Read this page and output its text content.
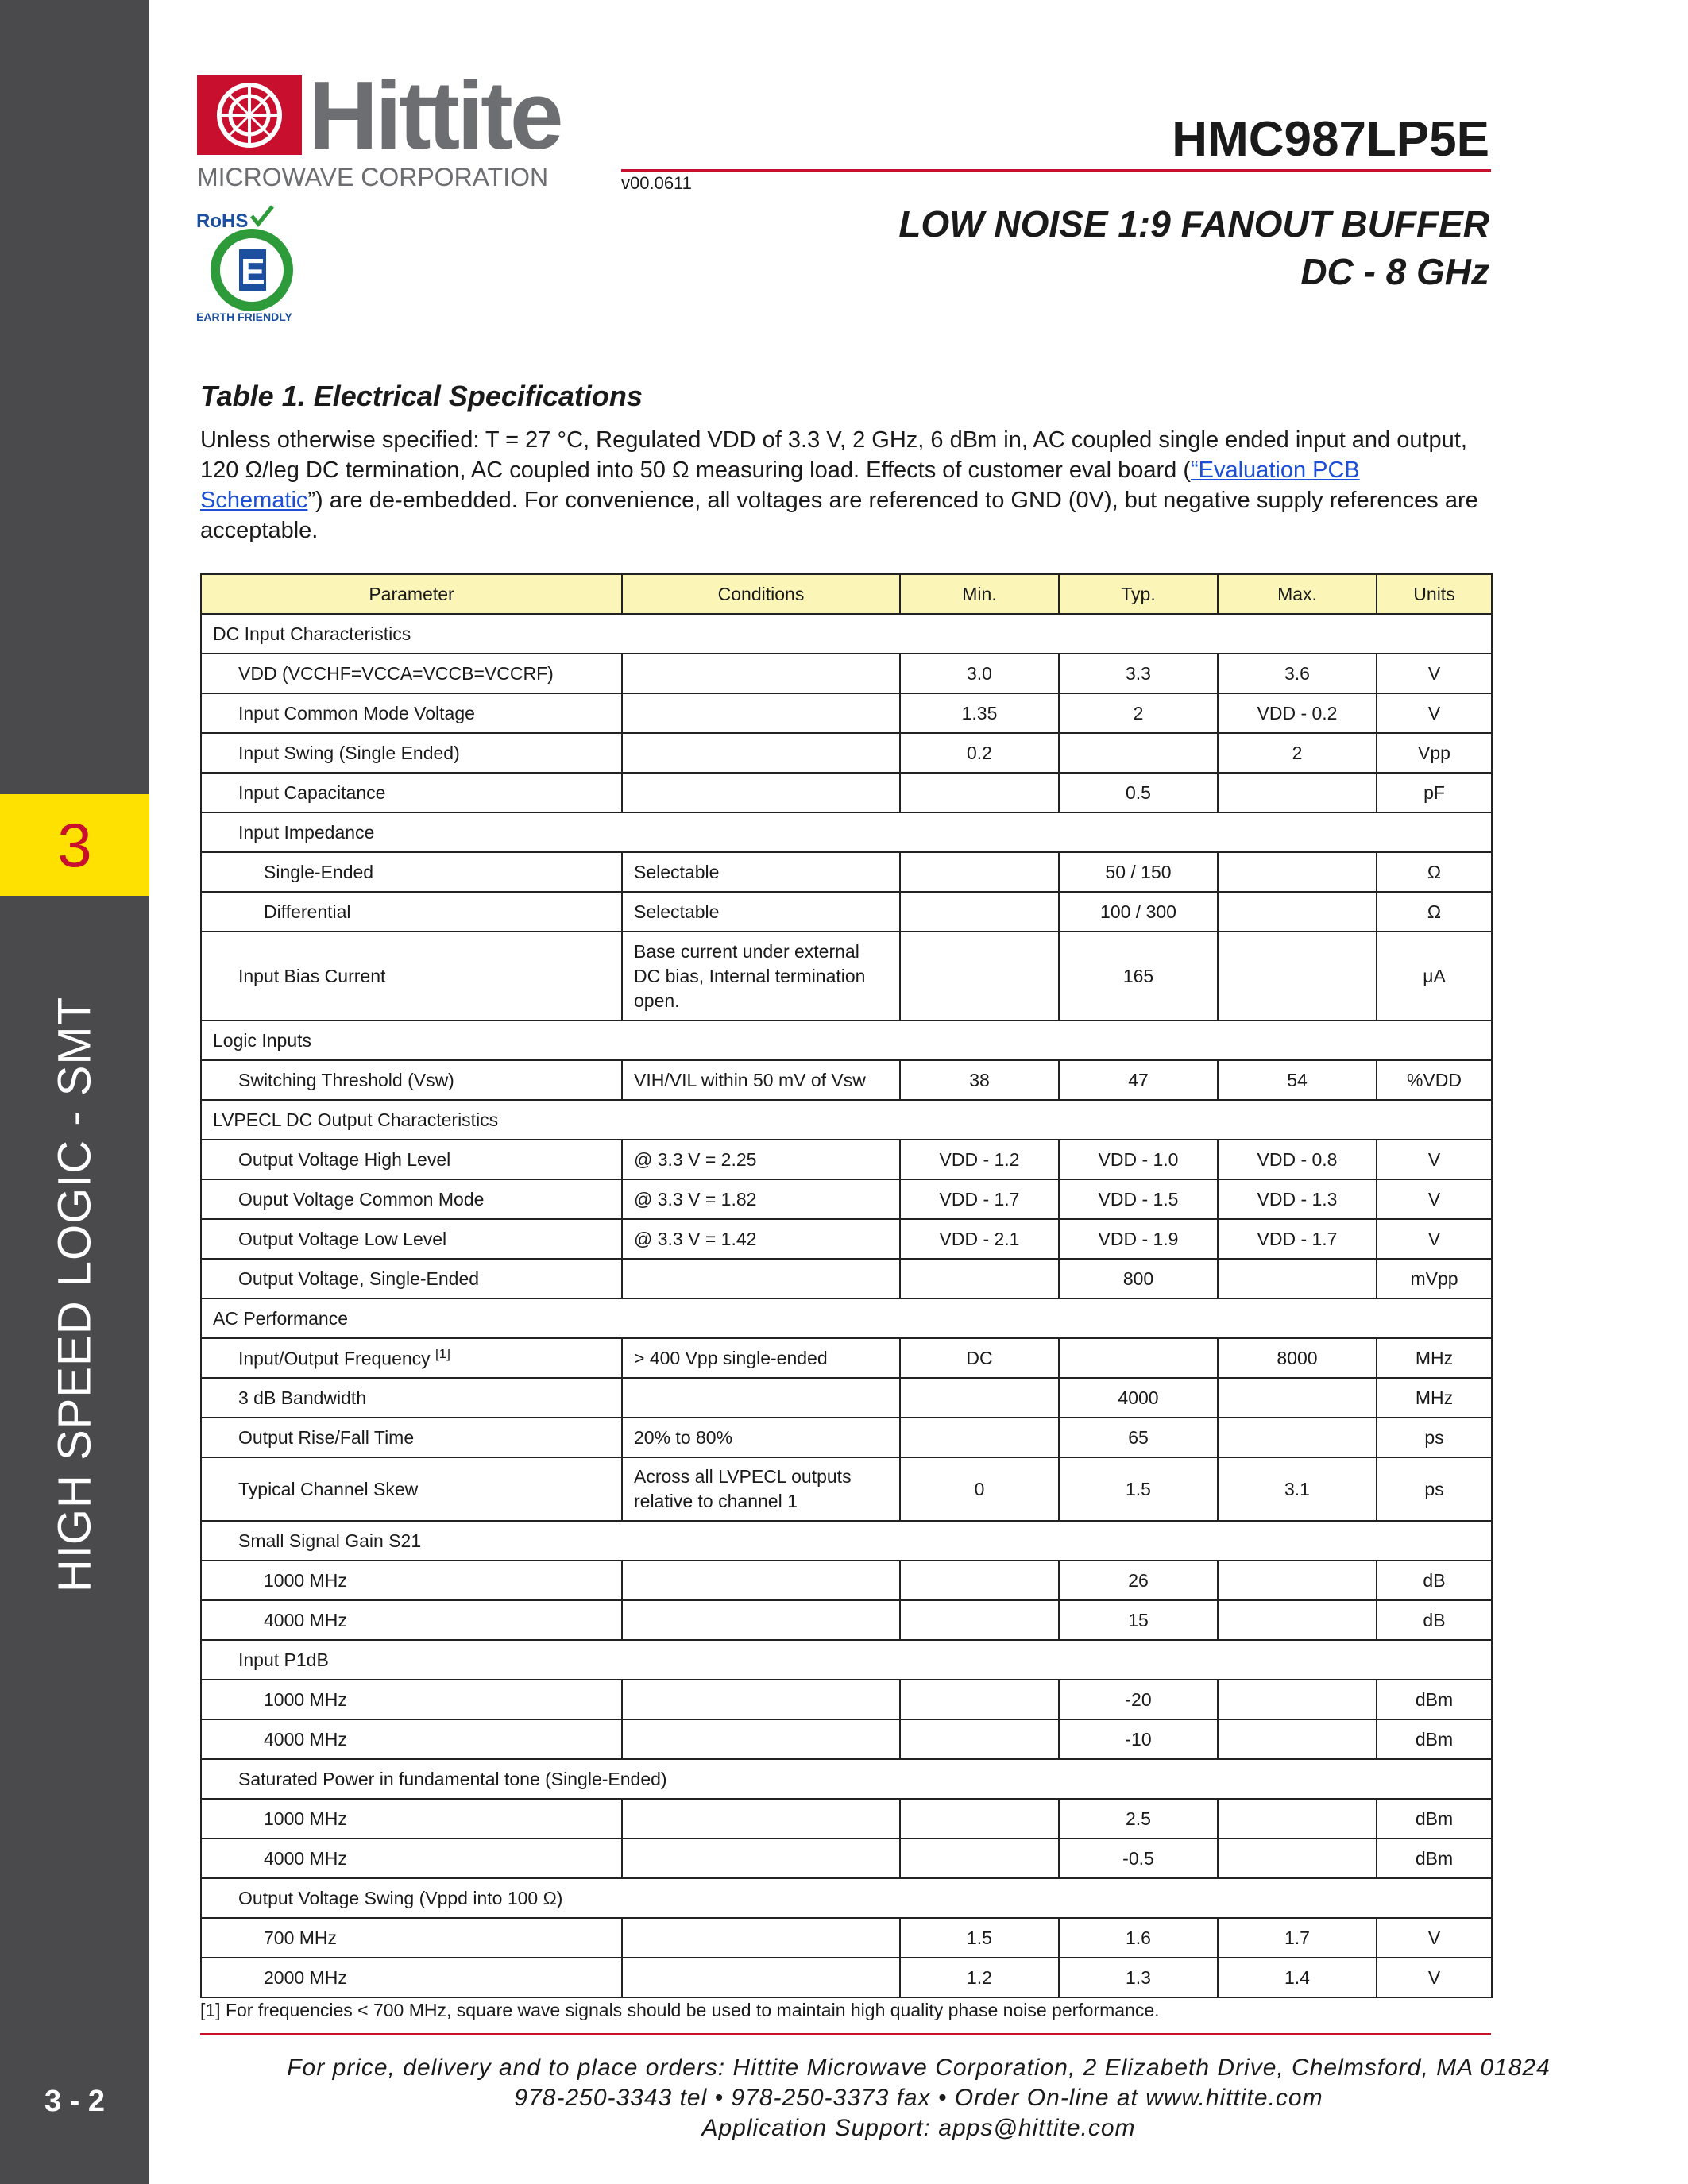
3
HIGH SPEED LOGIC - SMT
3 - 2
Hittite
MICROWAVE CORPORATION	v00.0611
HMC987LP5E
LOW NOISE 1:9 FANOUT BUFFER
DC - 8 GHz
RoHS
E
EARTH FRIENDLY
Table 1. Electrical Specifications
Unless otherwise specified: T = 27 °C, Regulated VDD of 3.3 V, 2 GHz, 6 dBm in, AC coupled single ended input and output, 120 Ω/leg DC termination, AC coupled into 50 Ω measuring load. Effects of customer eval board (“Evaluation PCB Schematic”) are de-embedded. For convenience, all voltages are referenced to GND (0V), but negative supply references are acceptable.
Parameter	Conditions	Min.	Typ.	Max.	Units
DC Input Characteristics					
VDD (VCCHF=VCCA=VCCB=VCCRF)		3.0	3.3	3.6	V
Input Common Mode Voltage		1.35	2	VDD - 0.2	V
Input Swing (Single Ended)		0.2		2	Vpp
Input Capacitance			0.5		pF
Input Impedance					
Single-Ended	Selectable		50 / 150		Ω
Differential	Selectable		100 / 300		Ω
Input Bias Current	Base current under external DC bias, Internal termination open.		165		μA
Logic Inputs					
Switching Threshold (Vsw)	VIH/VIL within 50 mV of Vsw	38	47	54	%VDD
LVPECL DC Output Characteristics					
Output Voltage High Level	@ 3.3 V = 2.25	VDD - 1.2	VDD - 1.0	VDD - 0.8	V
Ouput Voltage Common Mode	@ 3.3 V = 1.82	VDD - 1.7	VDD - 1.5	VDD - 1.3	V
Output Voltage Low Level	@ 3.3 V = 1.42	VDD - 2.1	VDD - 1.9	VDD - 1.7	V
Output Voltage, Single-Ended			800		mVpp
AC Performance					
Input/Output Frequency [1]	> 400 Vpp single-ended	DC		8000	MHz
3 dB Bandwidth			4000		MHz
Output Rise/Fall Time	20% to 80%		65		ps
Typical Channel Skew	Across all LVPECL outputs relative to channel 1	0	1.5	3.1	ps
Small Signal Gain S21					
1000 MHz			26		dB
4000 MHz			15		dB
Input P1dB					
1000 MHz			-20		dBm
4000 MHz			-10		dBm
Saturated Power in fundamental tone (Single-Ended)					
1000 MHz			2.5		dBm
4000 MHz			-0.5		dBm
Output Voltage Swing (Vppd into 100 Ω)					
700 MHz		1.5	1.6	1.7	V
2000 MHz		1.2	1.3	1.4	V
[1] For frequencies < 700 MHz, square wave signals should be used to maintain high quality phase noise performance.
For price, delivery and to place orders: Hittite Microwave Corporation, 2 Elizabeth Drive, Chelmsford, MA 01824
978-250-3343 tel • 978-250-3373 fax • Order On-line at www.hittite.com
Application Support: apps@hittite.com
